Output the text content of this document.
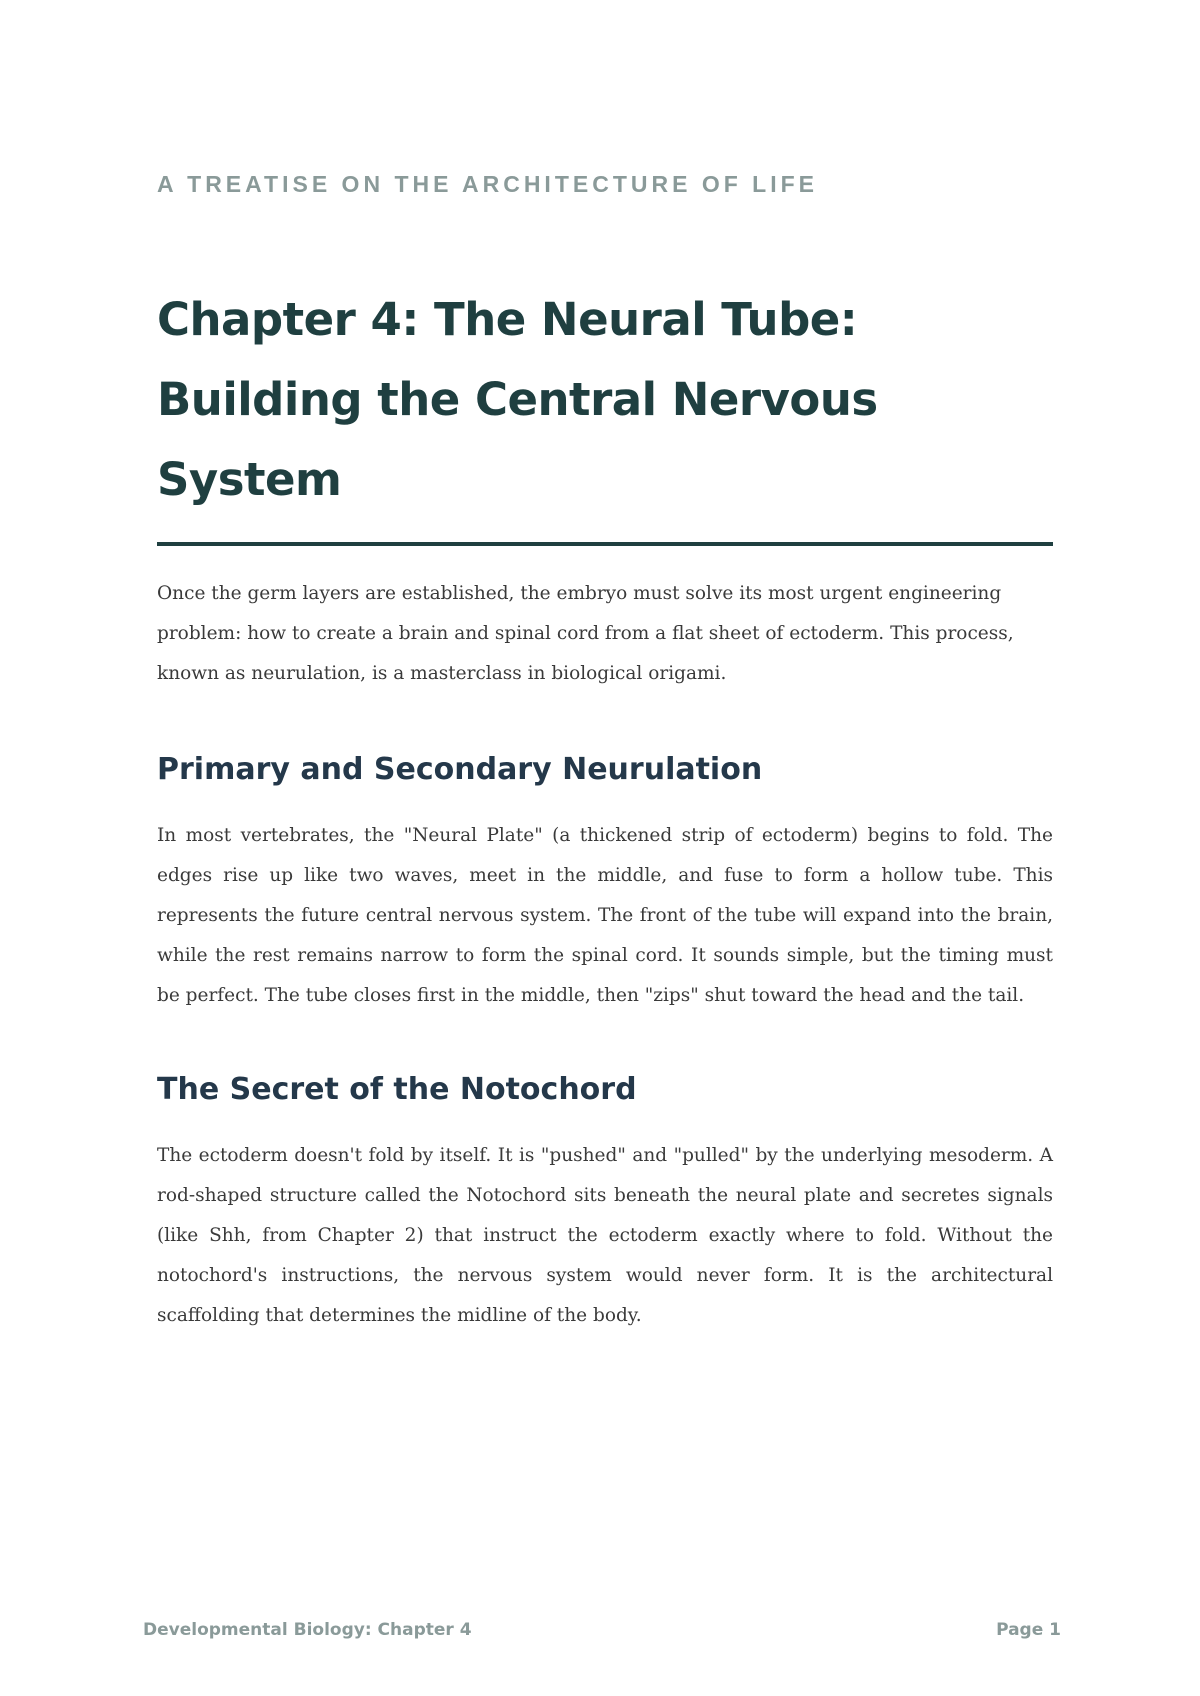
A TREATISE ON THE ARCHITECTURE OF LIFE

Chapter 4: The Neural Tube: Building the Central Nervous System

Once the germ layers are established, the embryo must solve its most urgent engineering problem: how to create a brain and spinal cord from a flat sheet of ectoderm. This process, known as neurulation, is a masterclass in biological origami.

Primary and Secondary Neurulation

In most vertebrates, the "Neural Plate" (a thickened strip of ectoderm) begins to fold. The edges rise up like two waves, meet in the middle, and fuse to form a hollow tube. This represents the future central nervous system. The front of the tube will expand into the brain, while the rest remains narrow to form the spinal cord. It sounds simple, but the timing must be perfect. The tube closes first in the middle, then "zips" shut toward the head and the tail.

The Secret of the Notochord

The ectoderm doesn't fold by itself. It is "pushed" and "pulled" by the underlying mesoderm. A rod-shaped structure called the Notochord sits beneath the neural plate and secretes signals (like Shh, from Chapter 2) that instruct the ectoderm exactly where to fold. Without the notochord's instructions, the nervous system would never form. It is the architectural scaffolding that determines the midline of the body.

Developmental Biology: Chapter 4	Page 1
